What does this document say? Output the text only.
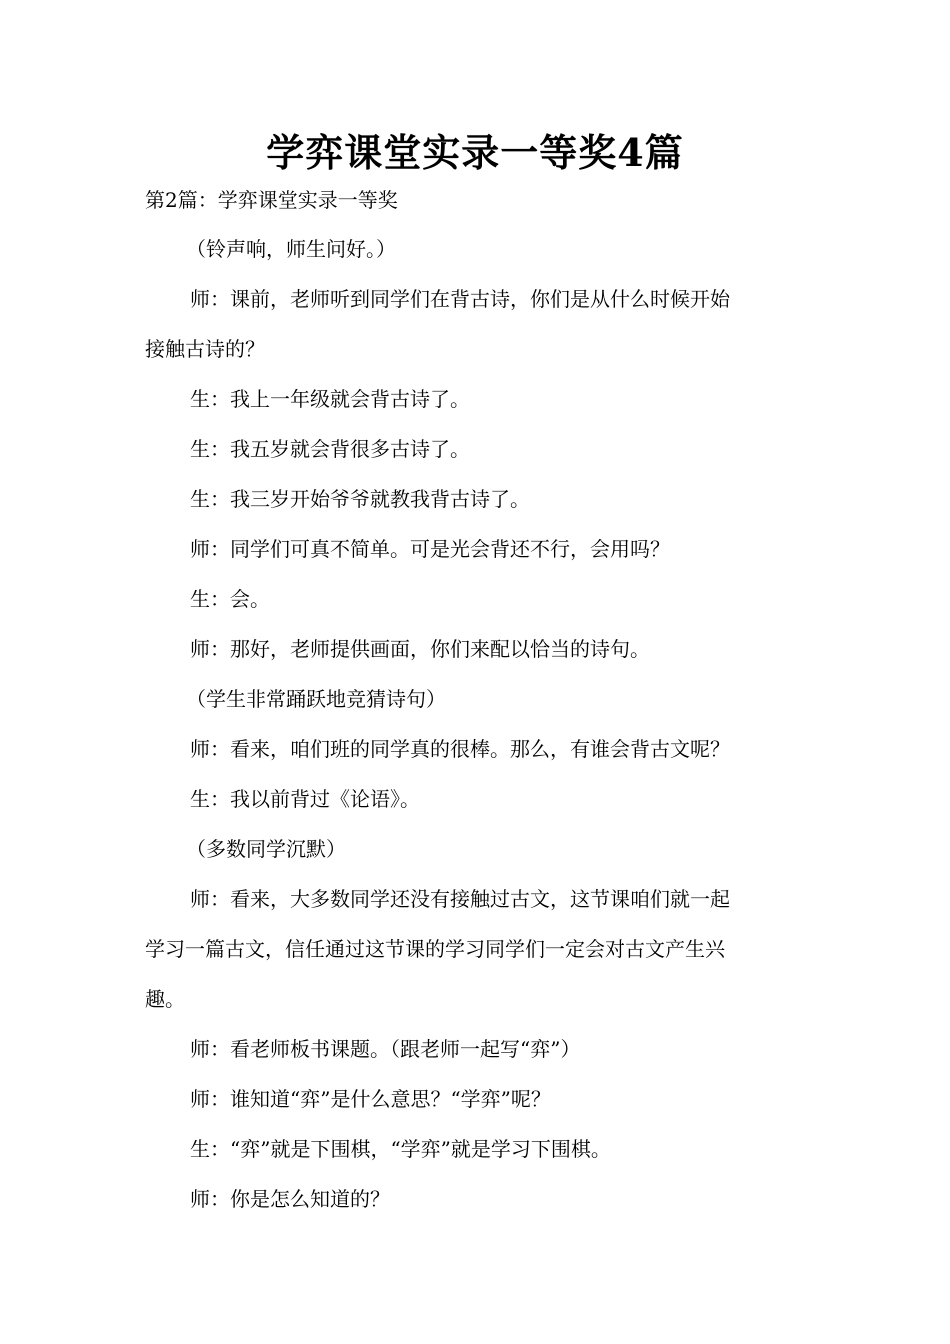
学弈课堂实录一等奖4篇
第2篇：学弈课堂实录一等奖
（铃声响，师生问好。）
师：课前，老师听到同学们在背古诗，你们是从什么时候开始
接触古诗的？
生：我上一年级就会背古诗了。
生：我五岁就会背很多古诗了。
生：我三岁开始爷爷就教我背古诗了。
师：同学们可真不简单。可是光会背还不行，会用吗？
生：会。
师：那好，老师提供画面，你们来配以恰当的诗句。
（学生非常踊跃地竞猜诗句）
师：看来，咱们班的同学真的很棒。那么，有谁会背古文呢？
生：我以前背过《论语》。
（多数同学沉默）
师：看来，大多数同学还没有接触过古文，这节课咱们就一起
学习一篇古文，信任通过这节课的学习同学们一定会对古文产生兴
趣。
师：看老师板书课题。（跟老师一起写“弈”）
师：谁知道“弈”是什么意思？“学弈”呢？
生：“弈”就是下围棋，“学弈”就是学习下围棋。
师：你是怎么知道的？
